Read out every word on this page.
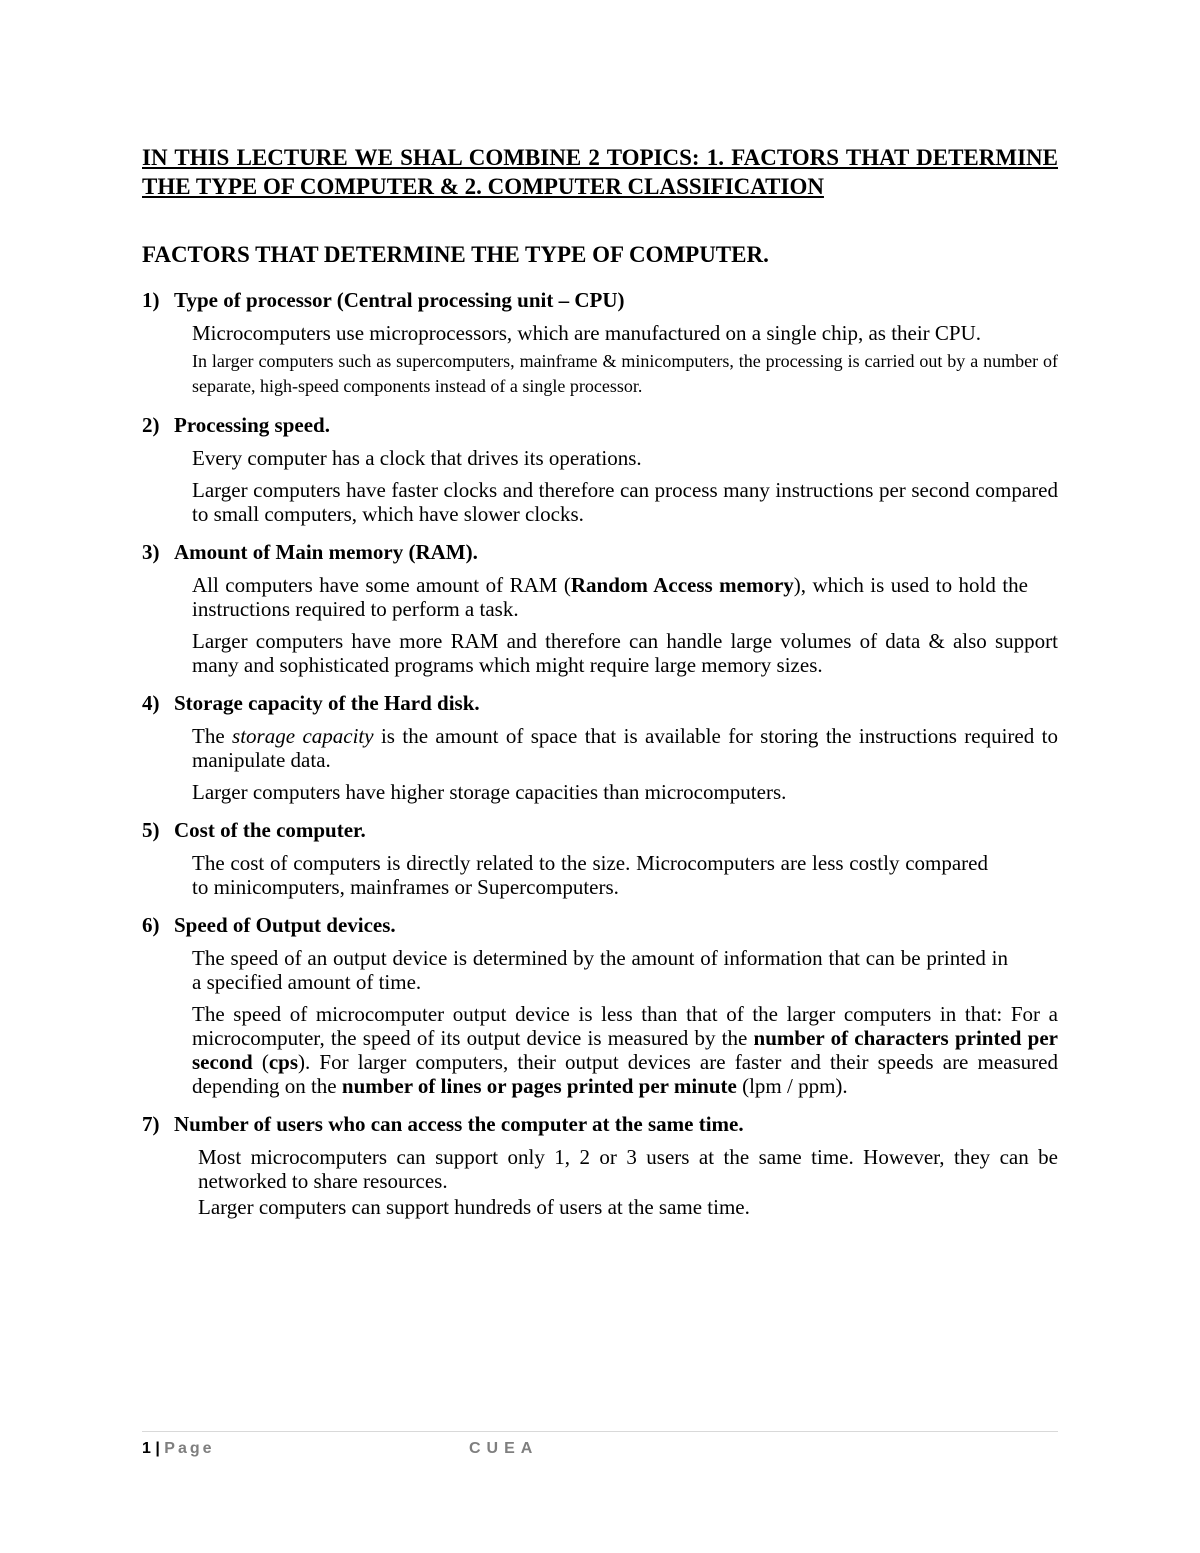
IN THIS LECTURE WE SHAL COMBINE 2 TOPICS: 1. FACTORS THAT DETERMINE THE TYPE OF COMPUTER & 2. COMPUTER CLASSIFICATION

FACTORS THAT DETERMINE THE TYPE OF COMPUTER.
1) Type of processor (Central processing unit – CPU)

Microcomputers use microprocessors, which are manufactured on a single chip, as their CPU.

In larger computers such as supercomputers, mainframe & minicomputers, the processing is carried out by a number of separate, high-speed components instead of a single processor.

2) Processing speed.

Every computer has a clock that drives its operations.

Larger computers have faster clocks and therefore can process many instructions per second compared to small computers, which have slower clocks.

3) Amount of Main memory (RAM).

All computers have some amount of RAM (Random Access memory), which is used to hold the instructions required to perform a task.

Larger computers have more RAM and therefore can handle large volumes of data & also support many and sophisticated programs which might require large memory sizes.

4) Storage capacity of the Hard disk.

The storage capacity is the amount of space that is available for storing the instructions required to manipulate data.

Larger computers have higher storage capacities than microcomputers.

5) Cost of the computer.

The cost of computers is directly related to the size. Microcomputers are less costly compared to minicomputers, mainframes or Supercomputers.

6) Speed of Output devices.

The speed of an output device is determined by the amount of information that can be printed in a specified amount of time.

The speed of microcomputer output device is less than that of the larger computers in that: For a microcomputer, the speed of its output device is measured by the number of characters printed per second (cps). For larger computers, their output devices are faster and their speeds are measured depending on the number of lines or pages printed per minute (lpm / ppm).

7) Number of users who can access the computer at the same time.

Most microcomputers can support only 1, 2 or 3 users at the same time. However, they can be networked to share resources.

Larger computers can support hundreds of users at the same time.

1 | Page	CUEA
